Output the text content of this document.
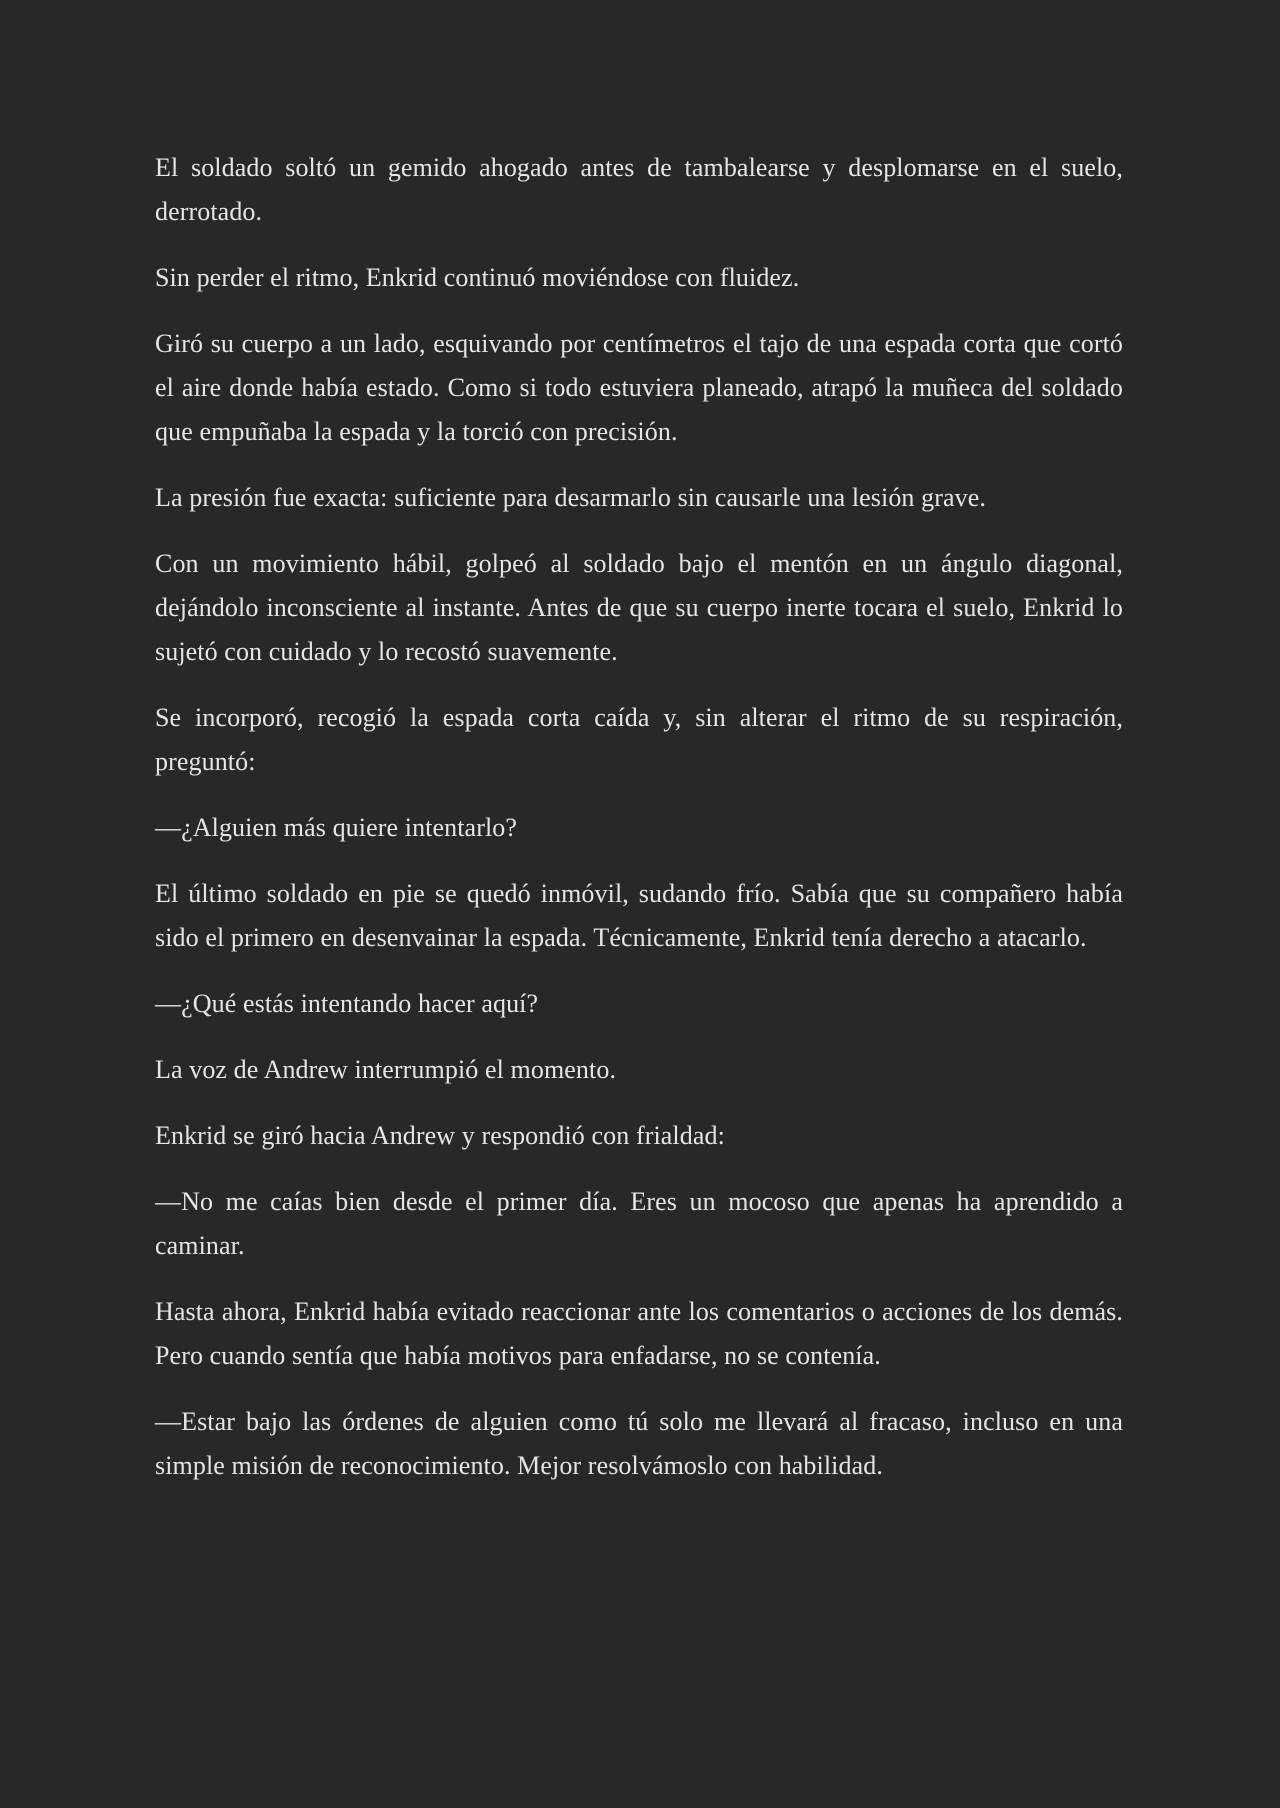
El soldado soltó un gemido ahogado antes de tambalearse y desplomarse en el suelo, derrotado.

Sin perder el ritmo, Enkrid continuó moviéndose con fluidez.

Giró su cuerpo a un lado, esquivando por centímetros el tajo de una espada corta que cortó el aire donde había estado. Como si todo estuviera planeado, atrapó la muñeca del soldado que empuñaba la espada y la torció con precisión.

La presión fue exacta: suficiente para desarmarlo sin causarle una lesión grave.

Con un movimiento hábil, golpeó al soldado bajo el mentón en un ángulo diagonal, dejándolo inconsciente al instante. Antes de que su cuerpo inerte tocara el suelo, Enkrid lo sujetó con cuidado y lo recostó suavemente.

Se incorporó, recogió la espada corta caída y, sin alterar el ritmo de su respiración, preguntó:

—¿Alguien más quiere intentarlo?

El último soldado en pie se quedó inmóvil, sudando frío. Sabía que su compañero había sido el primero en desenvainar la espada. Técnicamente, Enkrid tenía derecho a atacarlo.

—¿Qué estás intentando hacer aquí?

La voz de Andrew interrumpió el momento.

Enkrid se giró hacia Andrew y respondió con frialdad:

—No me caías bien desde el primer día. Eres un mocoso que apenas ha aprendido a caminar.

Hasta ahora, Enkrid había evitado reaccionar ante los comentarios o acciones de los demás. Pero cuando sentía que había motivos para enfadarse, no se contenía.

—Estar bajo las órdenes de alguien como tú solo me llevará al fracaso, incluso en una simple misión de reconocimiento. Mejor resolvámoslo con habilidad.
